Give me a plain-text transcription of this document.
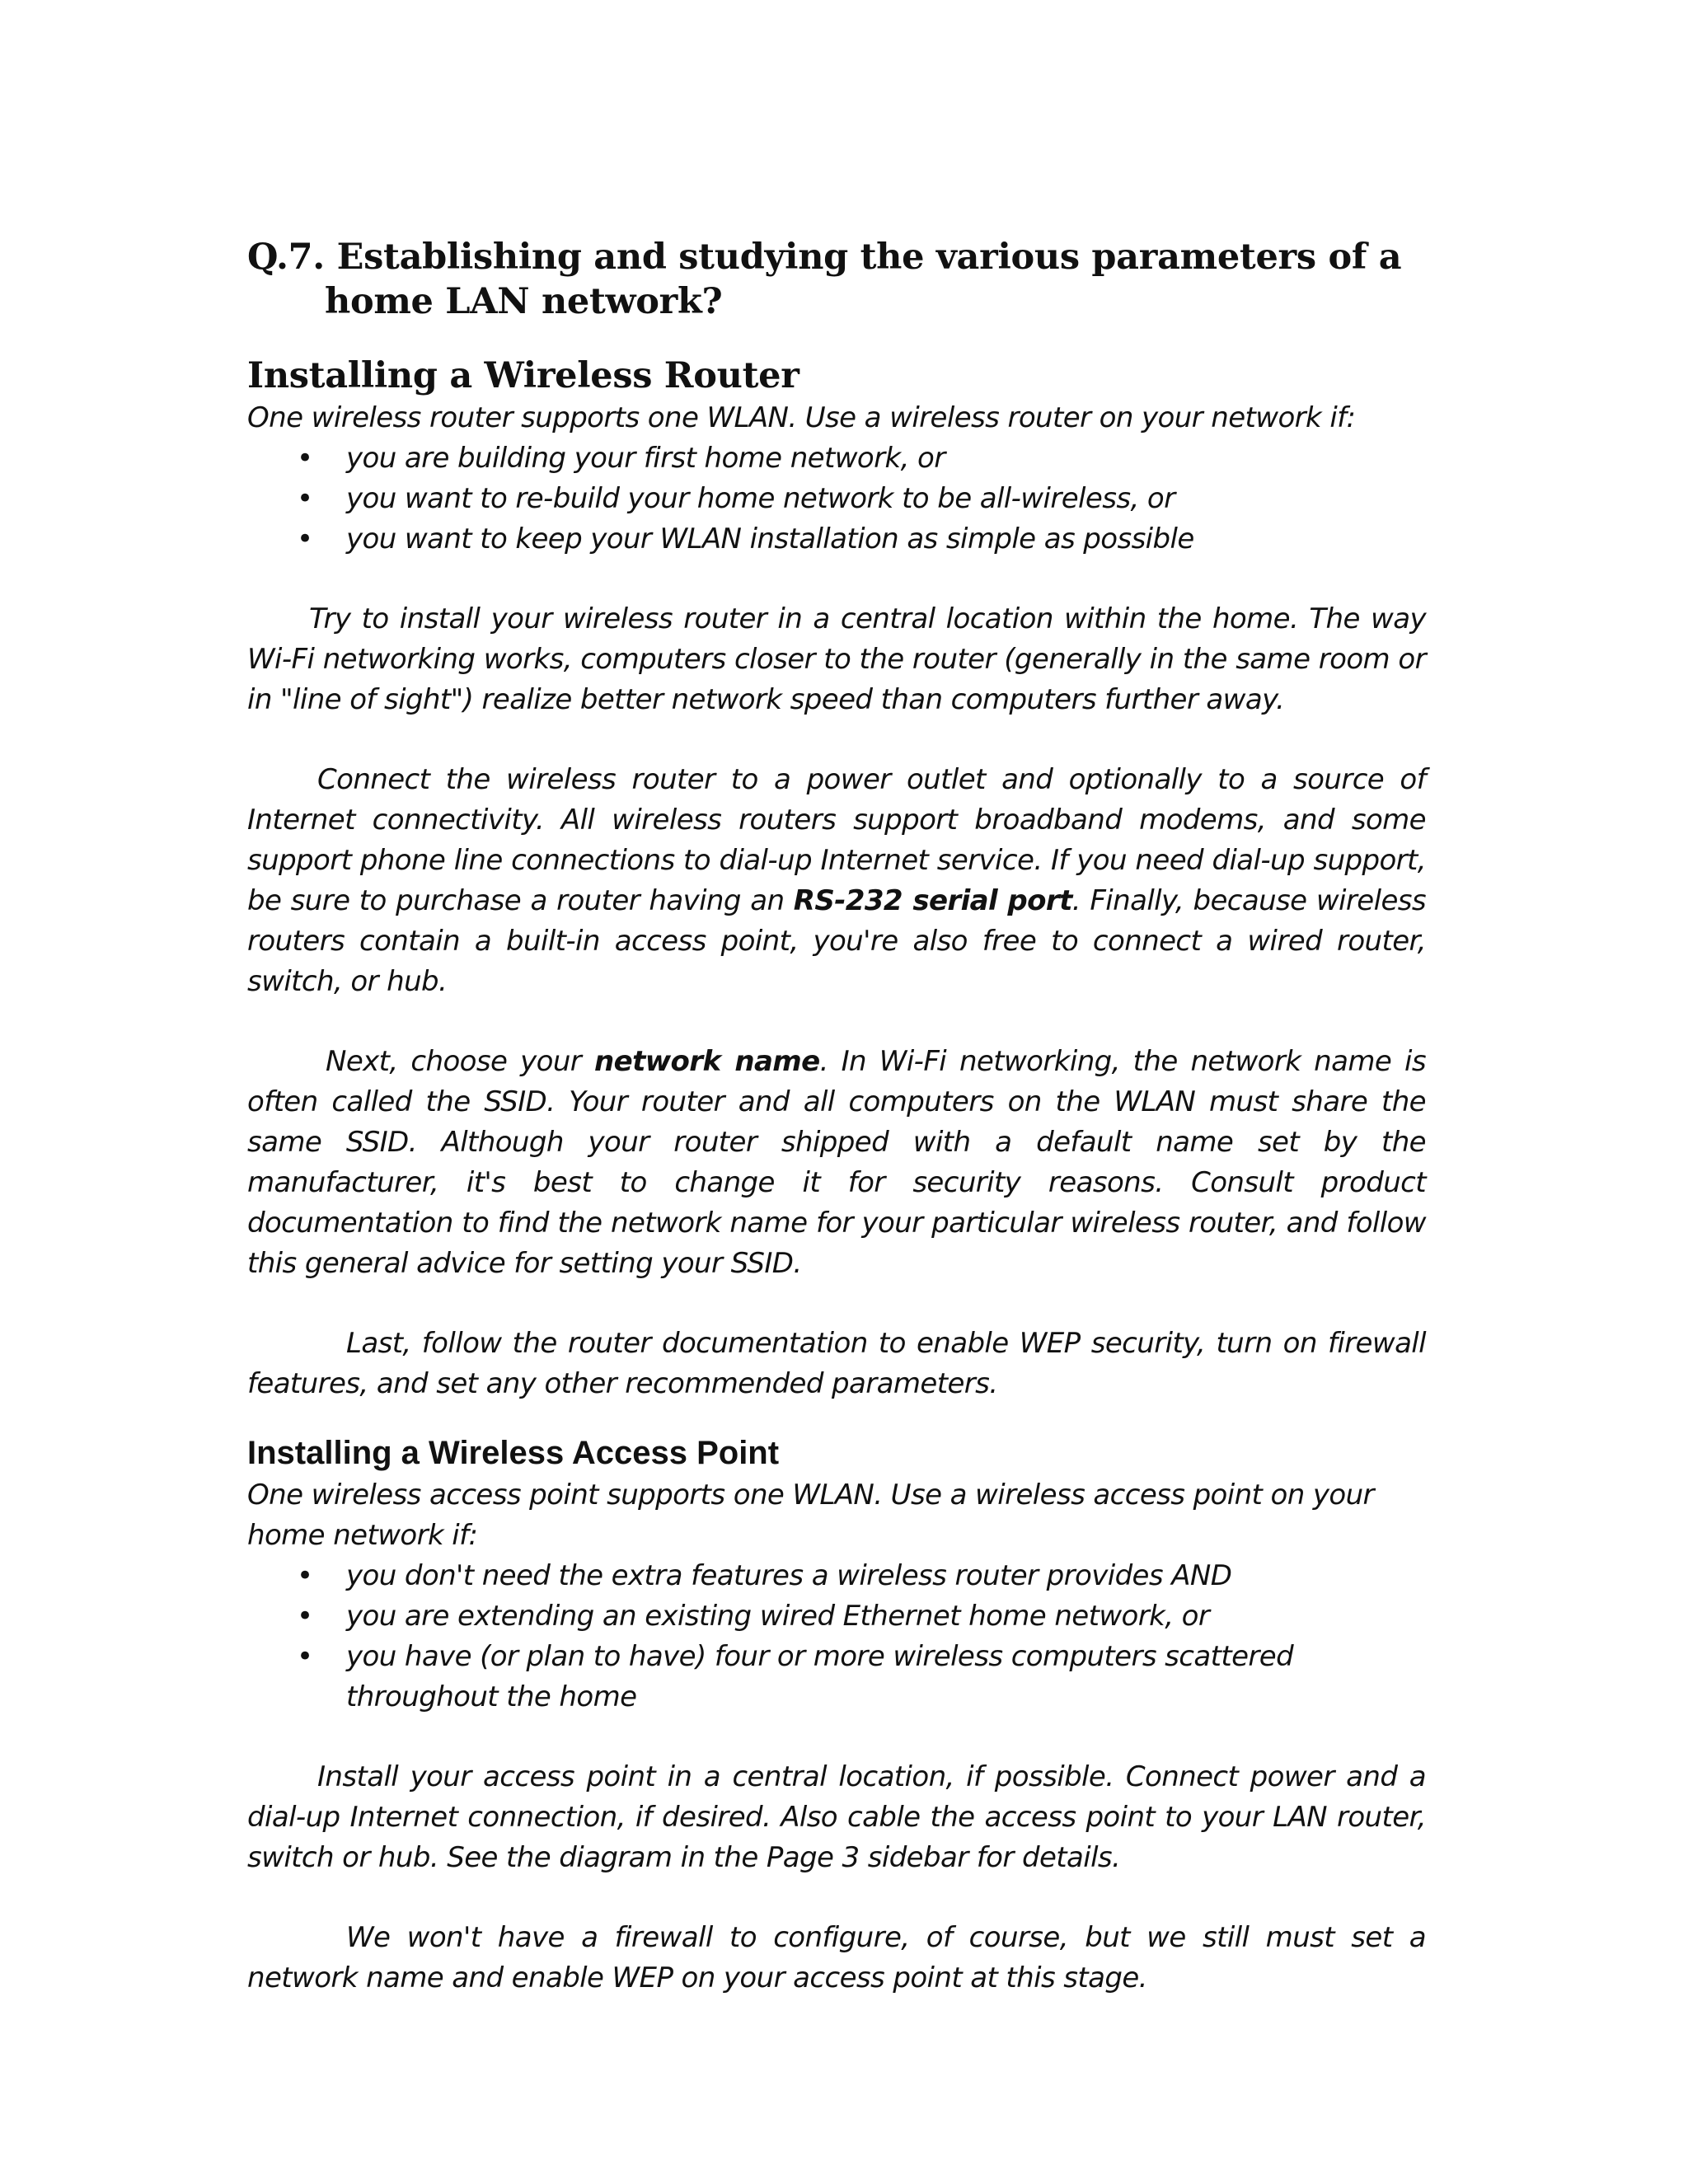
Q.7. Establishing and studying the various parameters of a home LAN network?
Installing a Wireless Router

One wireless router supports one WLAN. Use a wireless router on your network if:

• you are building your first home network, or
• you want to re-build your home network to be all-wireless, or
• you want to keep your WLAN installation as simple as possible

Try to install your wireless router in a central location within the home. The way Wi-Fi networking works, computers closer to the router (generally in the same room or in "line of sight") realize better network speed than computers further away.

Connect the wireless router to a power outlet and optionally to a source of Internet connectivity. All wireless routers support broadband modems, and some support phone line connections to dial-up Internet service. If you need dial-up support, be sure to purchase a router having an RS-232 serial port. Finally, because wireless routers contain a built-in access point, you're also free to connect a wired router, switch, or hub.

Next, choose your network name. In Wi-Fi networking, the network name is often called the SSID. Your router and all computers on the WLAN must share the same SSID. Although your router shipped with a default name set by the manufacturer, it's best to change it for security reasons. Consult product documentation to find the network name for your particular wireless router, and follow this general advice for setting your SSID.

Last, follow the router documentation to enable WEP security, turn on firewall features, and set any other recommended parameters.

Installing a Wireless Access Point

One wireless access point supports one WLAN. Use a wireless access point on your home network if:

• you don't need the extra features a wireless router provides AND
• you are extending an existing wired Ethernet home network, or
• you have (or plan to have) four or more wireless computers scattered throughout the home

Install your access point in a central location, if possible. Connect power and a dial-up Internet connection, if desired. Also cable the access point to your LAN router, switch or hub. See the diagram in the Page 3 sidebar for details.

We won't have a firewall to configure, of course, but we still must set a network name and enable WEP on your access point at this stage.
